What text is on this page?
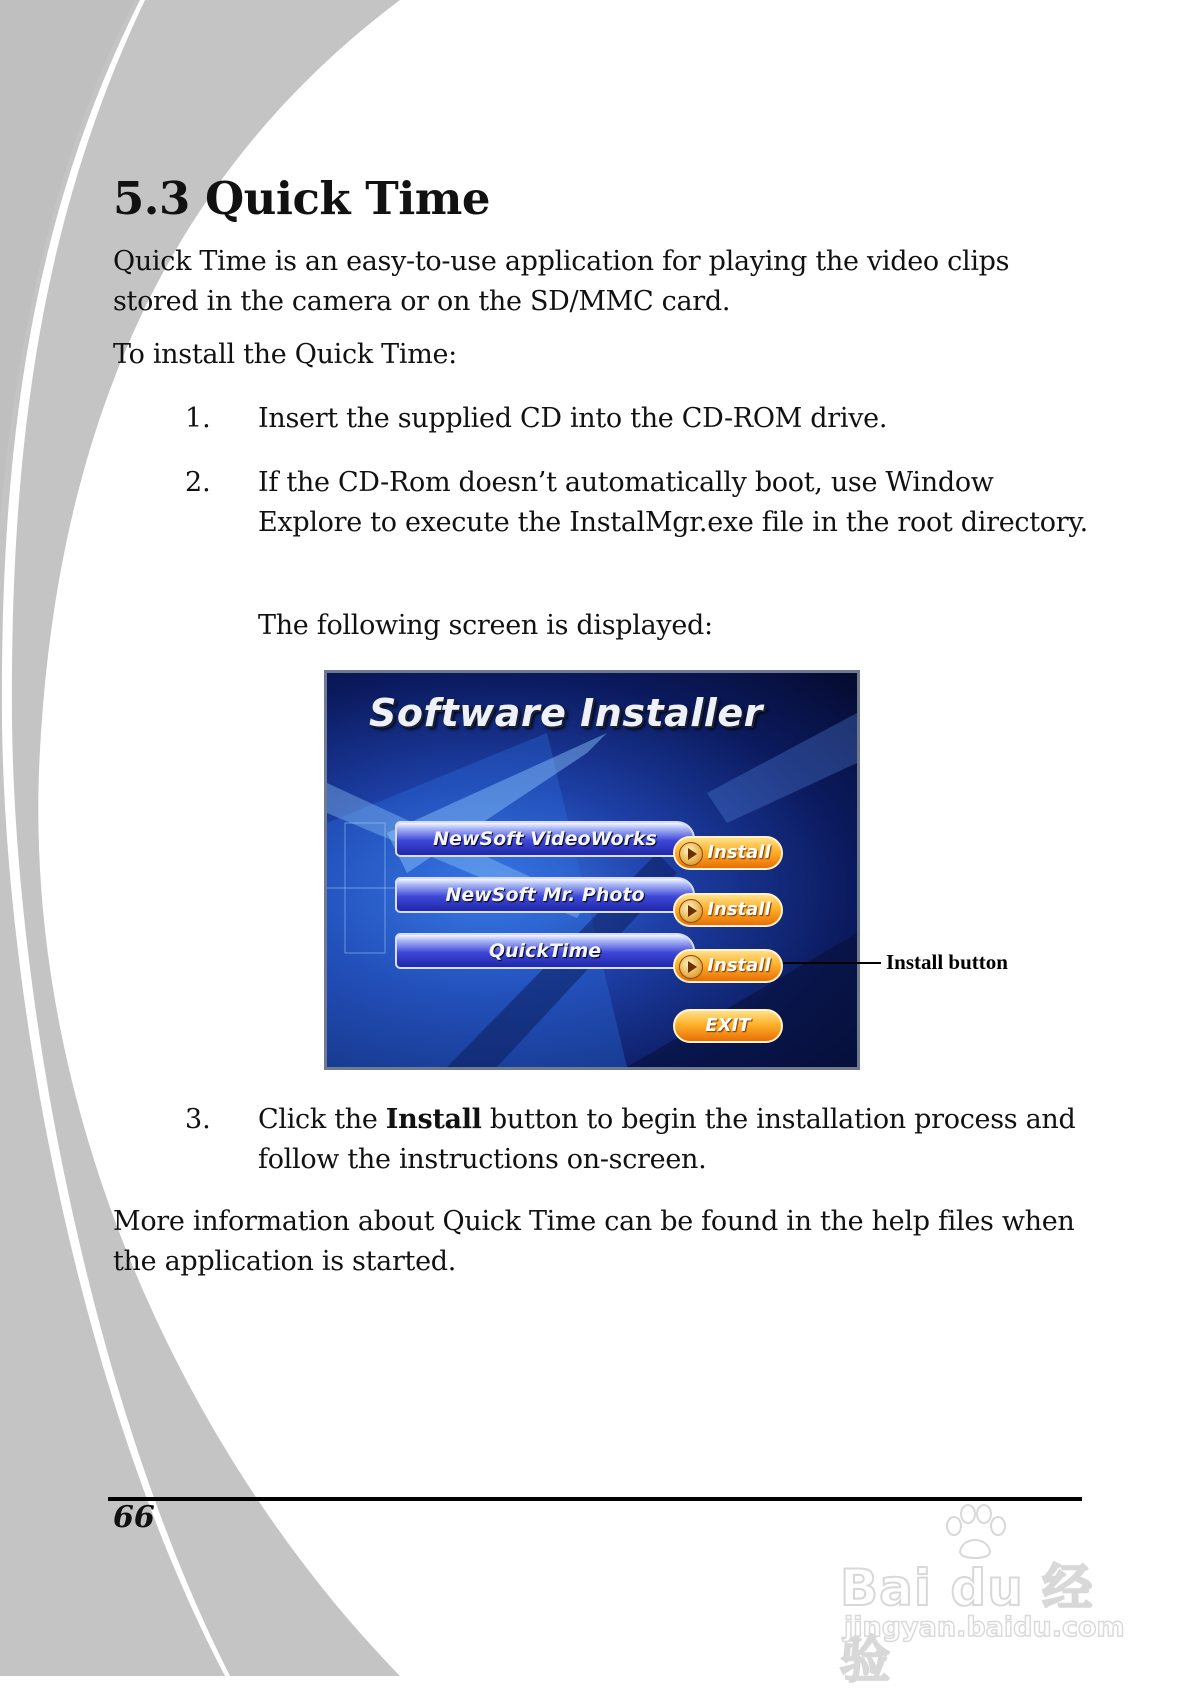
5.3 Quick Time

Quick Time is an easy-to-use application for playing the video clips stored in the camera or on the SD/MMC card.

To install the Quick Time:

1. Insert the supplied CD into the CD-ROM drive.

2. If the CD-Rom doesn’t automatically boot, use Window Explore to execute the InstalMgr.exe file in the root directory.

The following screen is displayed:

Software Installer
NewSoft VideoWorks
Install
NewSoft Mr. Photo
Install
QuickTime
Install
EXIT
Install button
3. Click the Install button to begin the installation process and follow the instructions on-screen.

More information about Quick Time can be found in the help files when the application is started.

66
Bai du 经验
jingyan.baidu.com
